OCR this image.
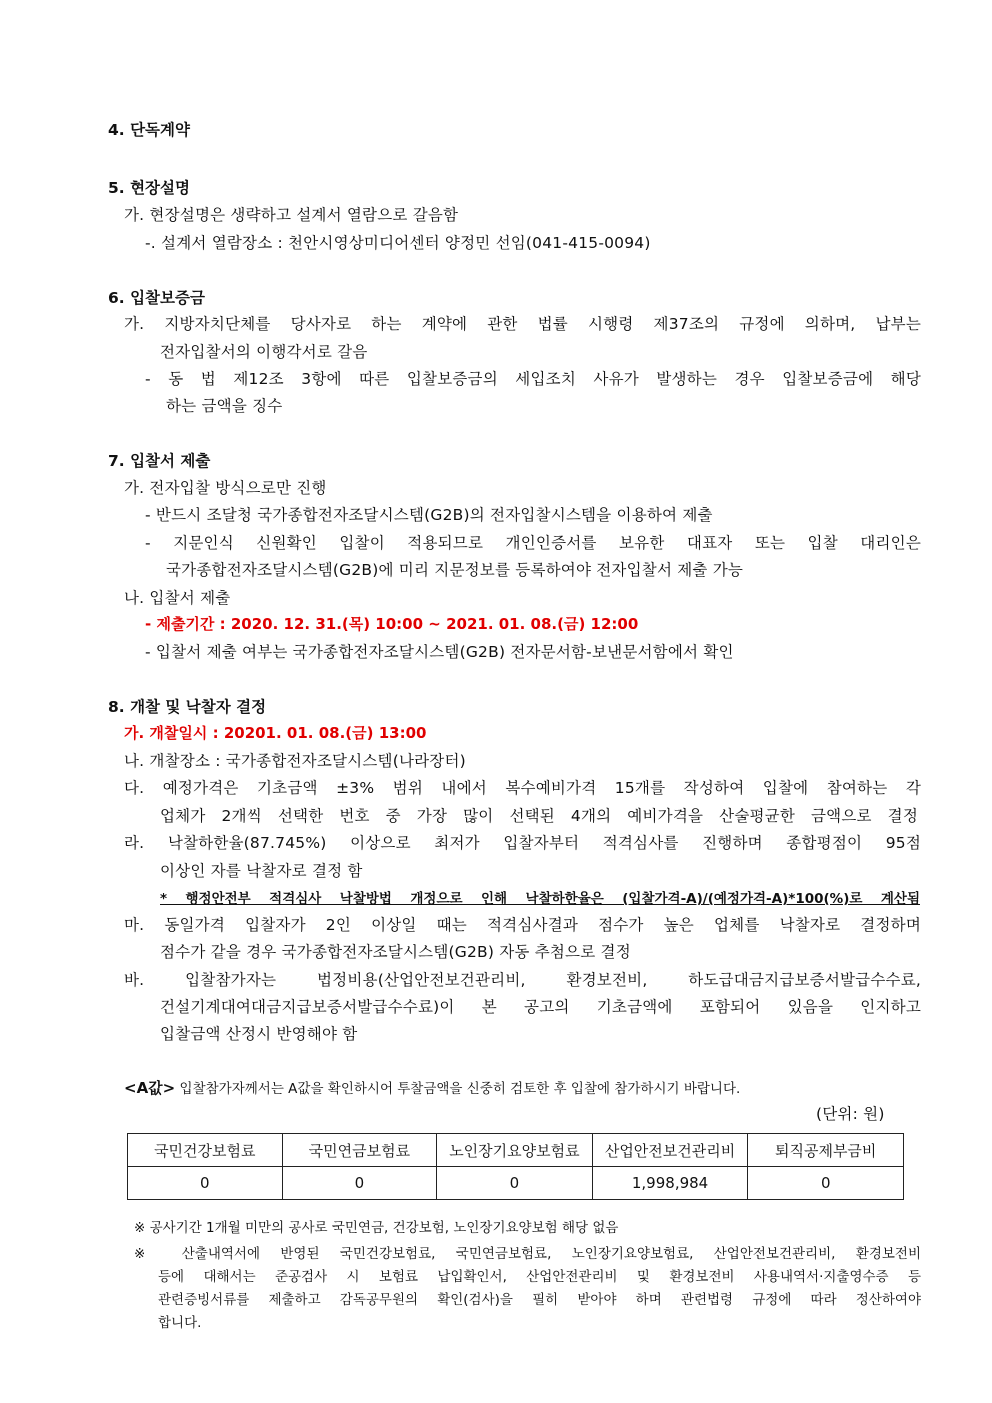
4. 단독계약
5. 현장설명
가. 현장설명은 생략하고 설계서 열람으로 갈음함
-. 설계서 열람장소 : 천안시영상미디어센터 양정민 선임(041-415-0094)
6. 입찰보증금
가. 지방자치단체를 당사자로 하는 계약에 관한 법률 시행령 제37조의 규정에 의하며, 납부는
전자입찰서의 이행각서로 갈음
- 동 법 제12조 3항에 따른 입찰보증금의 세입조치 사유가 발생하는 경우 입찰보증금에 해당
하는 금액을 징수
7. 입찰서 제출
가. 전자입찰 방식으로만 진행
- 반드시 조달청 국가종합전자조달시스템(G2B)의 전자입찰시스템을 이용하여 제출
- 지문인식 신원확인 입찰이 적용되므로 개인인증서를 보유한 대표자 또는 입찰 대리인은
국가종합전자조달시스템(G2B)에 미리 지문정보를 등록하여야 전자입찰서 제출 가능
나. 입찰서 제출
- 제출기간 : 2020. 12. 31.(목) 10:00 ~ 2021. 01. 08.(금) 12:00
- 입찰서 제출 여부는 국가종합전자조달시스템(G2B) 전자문서함-보낸문서함에서 확인
8. 개찰 및 낙찰자 결정
가. 개찰일시 : 20201. 01. 08.(금) 13:00
나. 개찰장소 : 국가종합전자조달시스템(나라장터)
다. 예정가격은 기초금액 ±3% 범위 내에서 복수예비가격 15개를 작성하여 입찰에 참여하는 각
업체가 2개씩 선택한 번호 중 가장 많이 선택된 4개의 예비가격을 산술평균한 금액으로 결정
라. 낙찰하한율(87.745%) 이상으로 최저가 입찰자부터 적격심사를 진행하며 종합평점이 95점
이상인 자를 낙찰자로 결정 함
* 행정안전부 적격심사 낙찰방법 개정으로 인해 낙찰하한율은 (입찰가격-A)/(예정가격-A)*100(%)로 계산됨
마. 동일가격 입찰자가 2인 이상일 때는 적격심사결과 점수가 높은 업체를 낙찰자로 결정하며
점수가 같을 경우 국가종합전자조달시스템(G2B) 자동 추첨으로 결정
바. 입찰참가자는 법정비용(산업안전보건관리비, 환경보전비, 하도급대금지급보증서발급수수료,
건설기계대여대금지급보증서발급수수료)이 본 공고의 기초금액에 포함되어 있음을 인지하고
입찰금액 산정시 반영해야 함
<A값> 입찰참가자께서는 A값을 확인하시어 투찰금액을 신중히 검토한 후 입찰에 참가하시기 바랍니다.
(단위: 원)
국민건강보험료	국민연금보험료	노인장기요양보험료	산업안전보건관리비	퇴직공제부금비
0	0	0	1,998,984	0
※ 공사기간 1개월 미만의 공사로 국민연금, 건강보험, 노인장기요양보험 해당 없음
※ 산출내역서에 반영된 국민건강보험료, 국민연금보험료, 노인장기요양보험료, 산업안전보건관리비, 환경보전비
등에 대해서는 준공검사 시 보험료 납입확인서, 산업안전관리비 및 환경보전비 사용내역서·지출영수증 등
관련증빙서류를 제출하고 감독공무원의 확인(검사)을 필히 받아야 하며 관련법령 규정에 따라 정산하여야
합니다.
